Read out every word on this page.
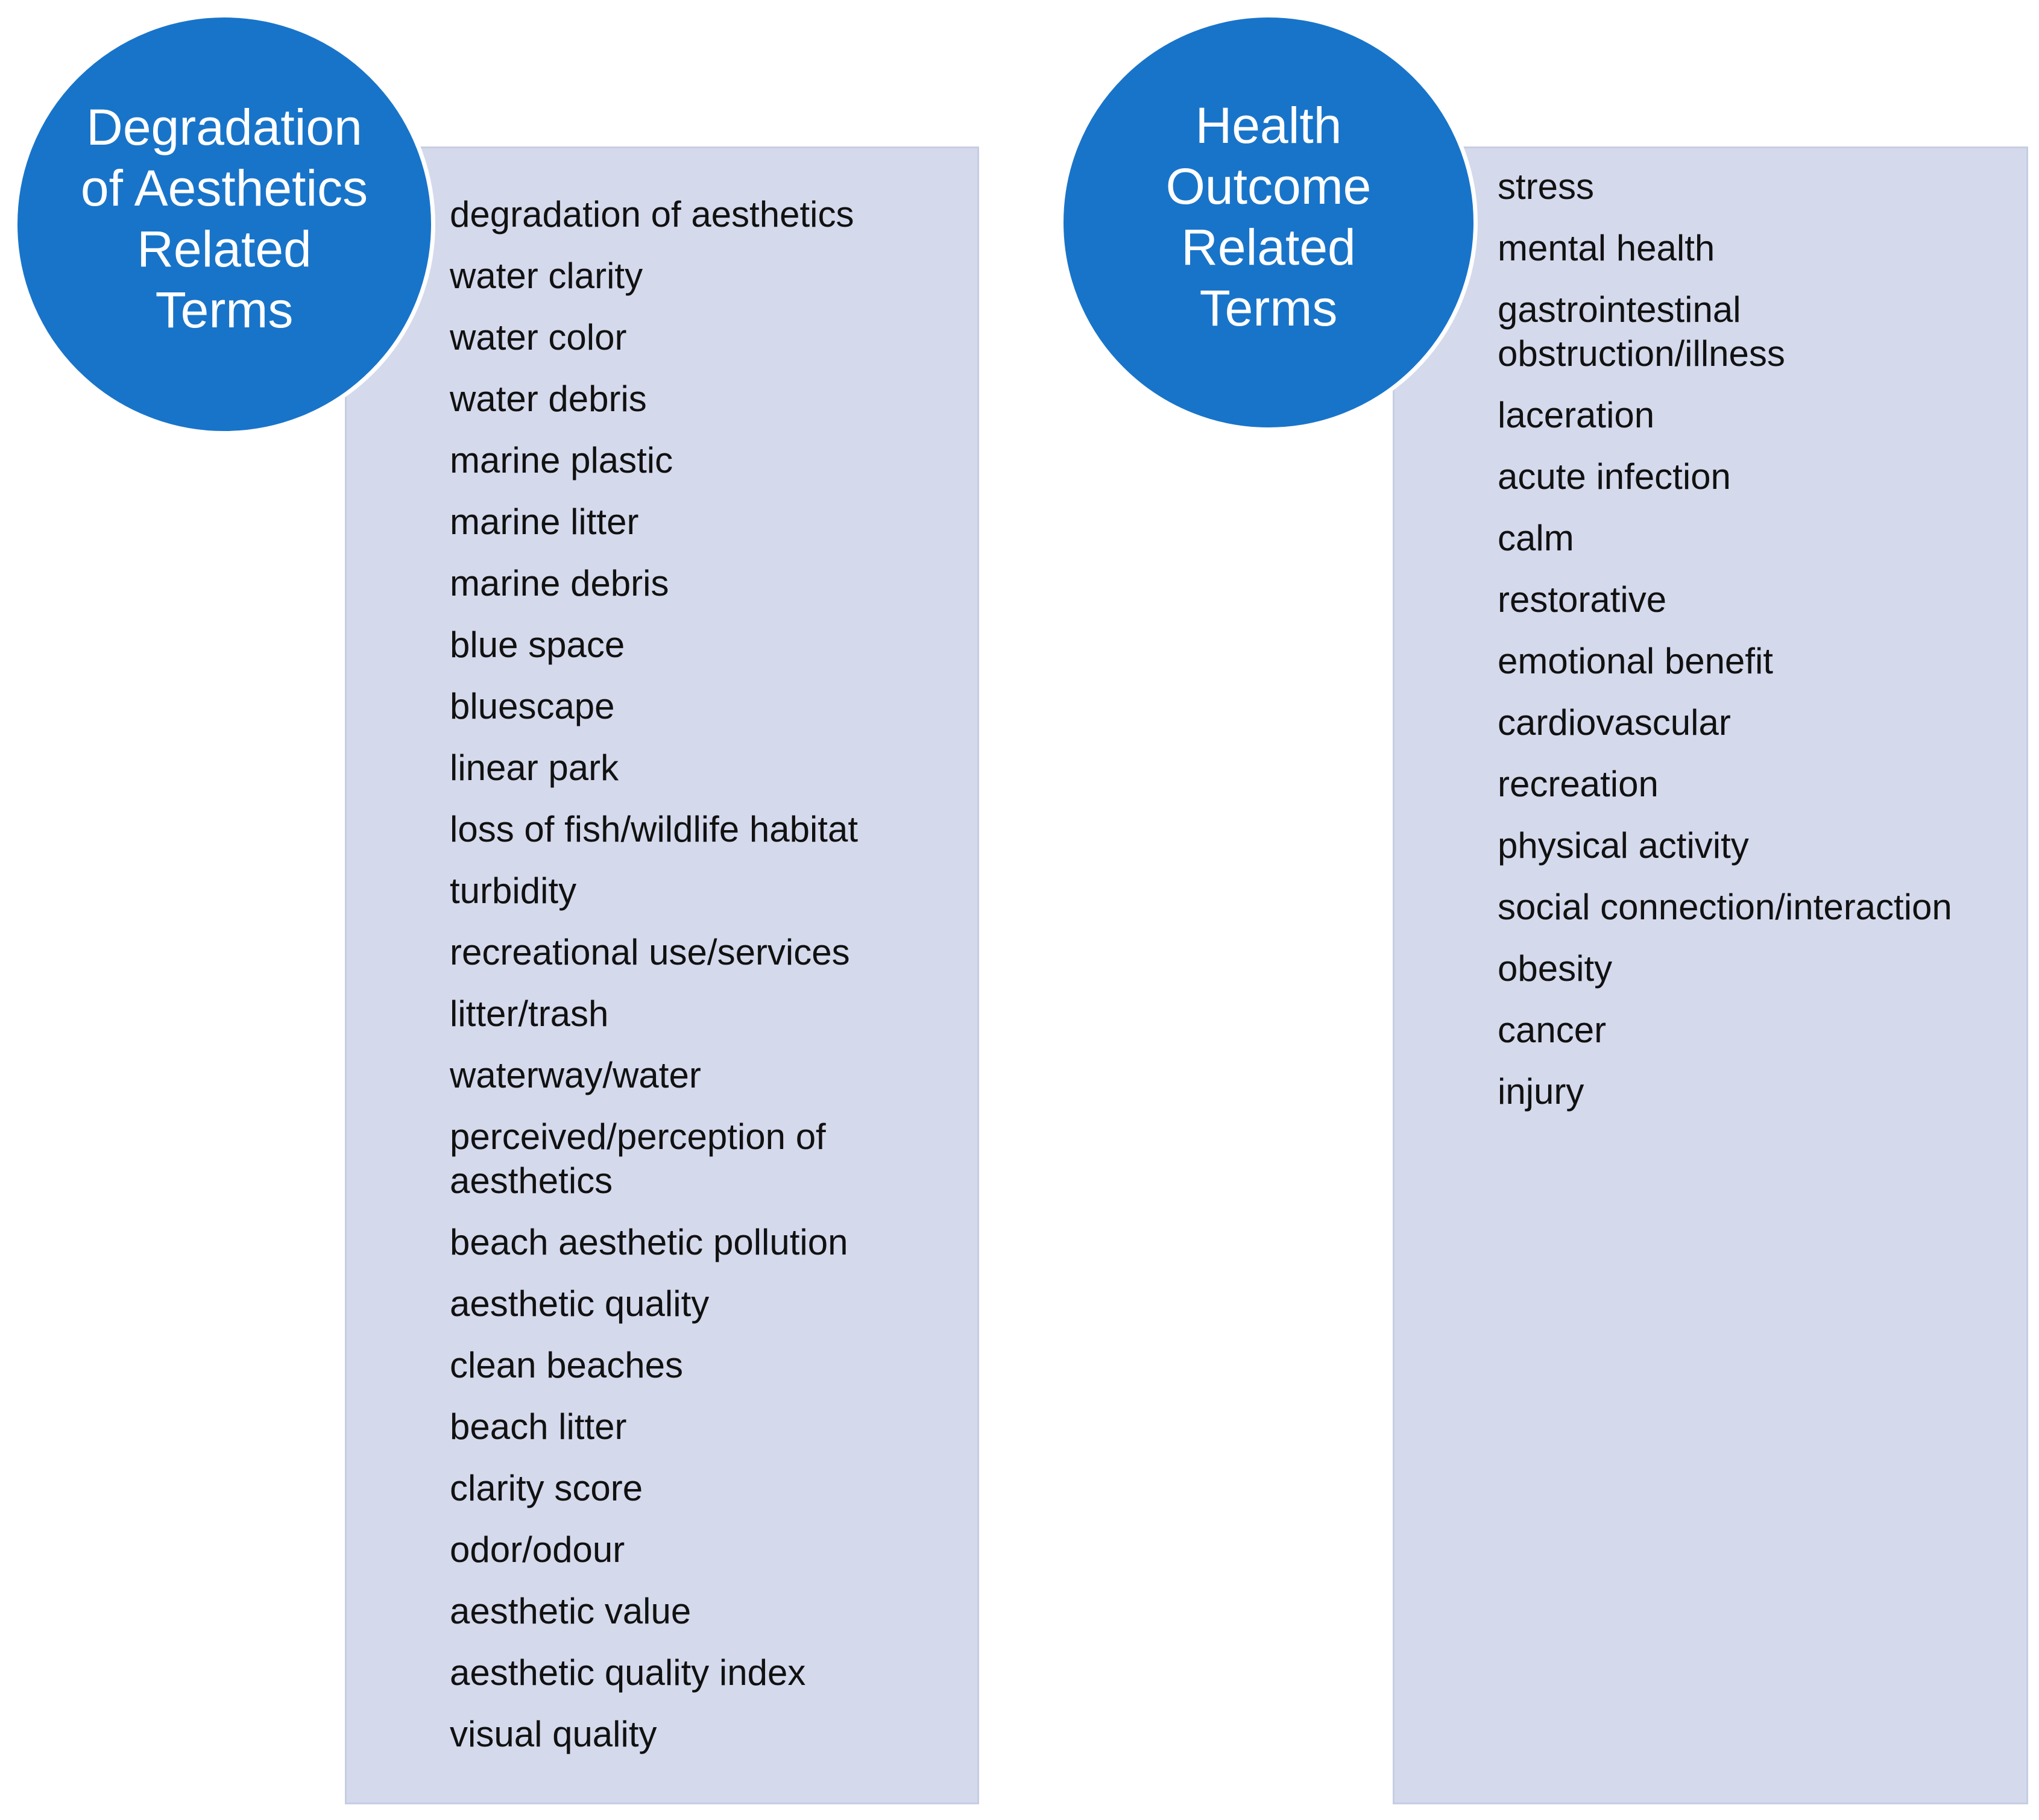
Degradation
of Aesthetics
Related
Terms
Health
Outcome
Related
Terms
degradation of aesthetics
water clarity
water color
water debris
marine plastic
marine litter
marine debris
blue space
bluescape
linear park
loss of fish/wildlife habitat
turbidity
recreational use/services
litter/trash
waterway/water
perceived/perception of aesthetics
beach aesthetic pollution
aesthetic quality
clean beaches
beach litter
clarity score
odor/odour
aesthetic value
aesthetic quality index
visual quality
stress
mental health
gastrointestinal obstruction/illness
laceration
acute infection
calm
restorative
emotional benefit
cardiovascular
recreation
physical activity
social connection/interaction
obesity
cancer
injury
